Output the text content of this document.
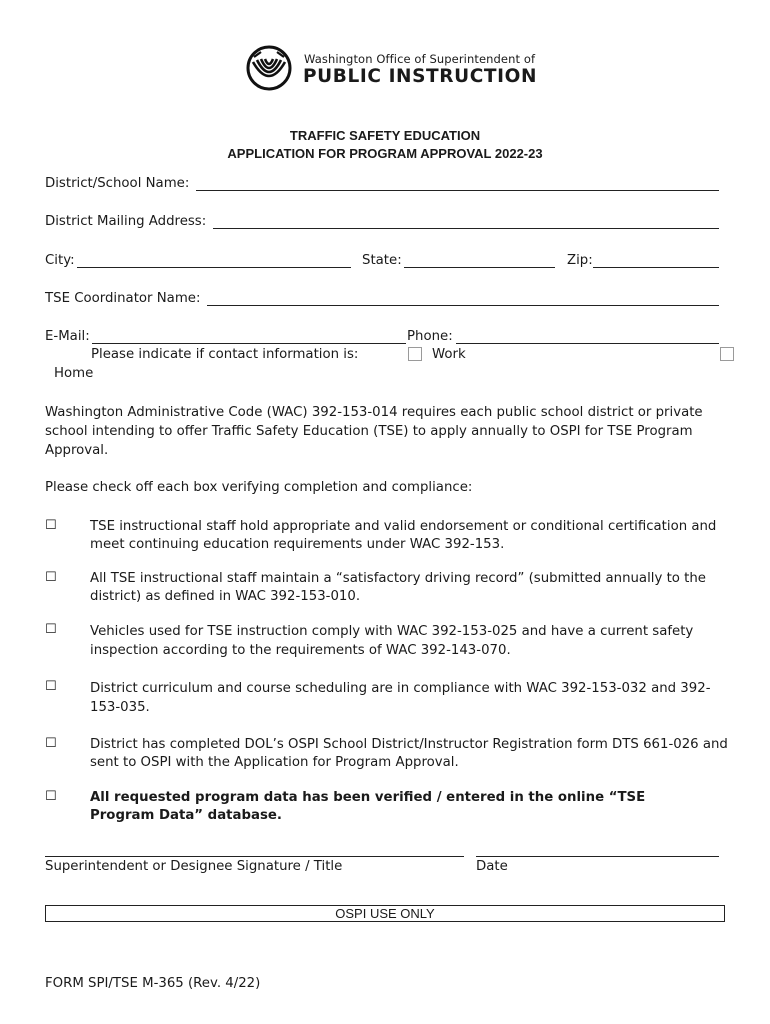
Washington Office of Superintendent of
PUBLIC INSTRUCTION
TRAFFIC SAFETY EDUCATION
APPLICATION FOR PROGRAM APPROVAL 2022-23
District/School Name:
District Mailing Address:
City:	State:	Zip:
TSE Coordinator Name:
E-Mail:	Phone:
Please indicate if contact information is:	Work
Home
Washington Administrative Code (WAC) 392-153-014 requires each public school district or private school intending to offer Traffic Safety Education (TSE) to apply annually to OSPI for TSE Program Approval.
Please check off each box verifying completion and compliance:
☐	TSE instructional staff hold appropriate and valid endorsement or conditional certification and meet continuing education requirements under WAC 392-153.
☐	All TSE instructional staff maintain a “satisfactory driving record” (submitted annually to the district) as defined in WAC 392-153-010.
☐	Vehicles used for TSE instruction comply with WAC 392-153-025 and have a current safety inspection according to the requirements of WAC 392-143-070.
☐	District curriculum and course scheduling are in compliance with WAC 392-153-032 and 392-153-035.
☐	District has completed DOL’s OSPI School District/Instructor Registration form DTS 661-026 and sent to OSPI with the Application for Program Approval.
☐	All requested program data has been verified / entered in the online “TSE Program Data” database.
Superintendent or Designee Signature / Title	Date
OSPI USE ONLY
FORM SPI/TSE M-365 (Rev. 4/22)
